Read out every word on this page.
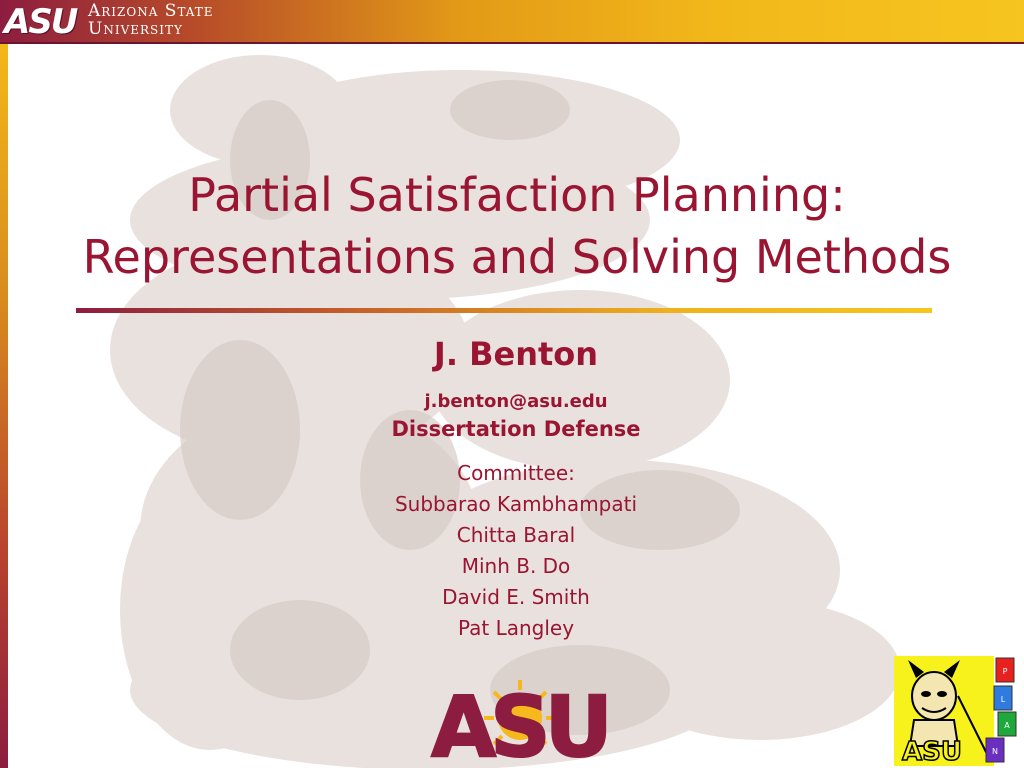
ASU Arizona State
University
Partial Satisfaction Planning:
Representations and Solving Methods
J. Benton
j.benton@asu.edu
Dissertation Defense
Committee:
Subbarao Kambhampati
Chitta Baral
Minh B. Do
David E. Smith
Pat Langley
ASU	ASU
P
L
A
N
